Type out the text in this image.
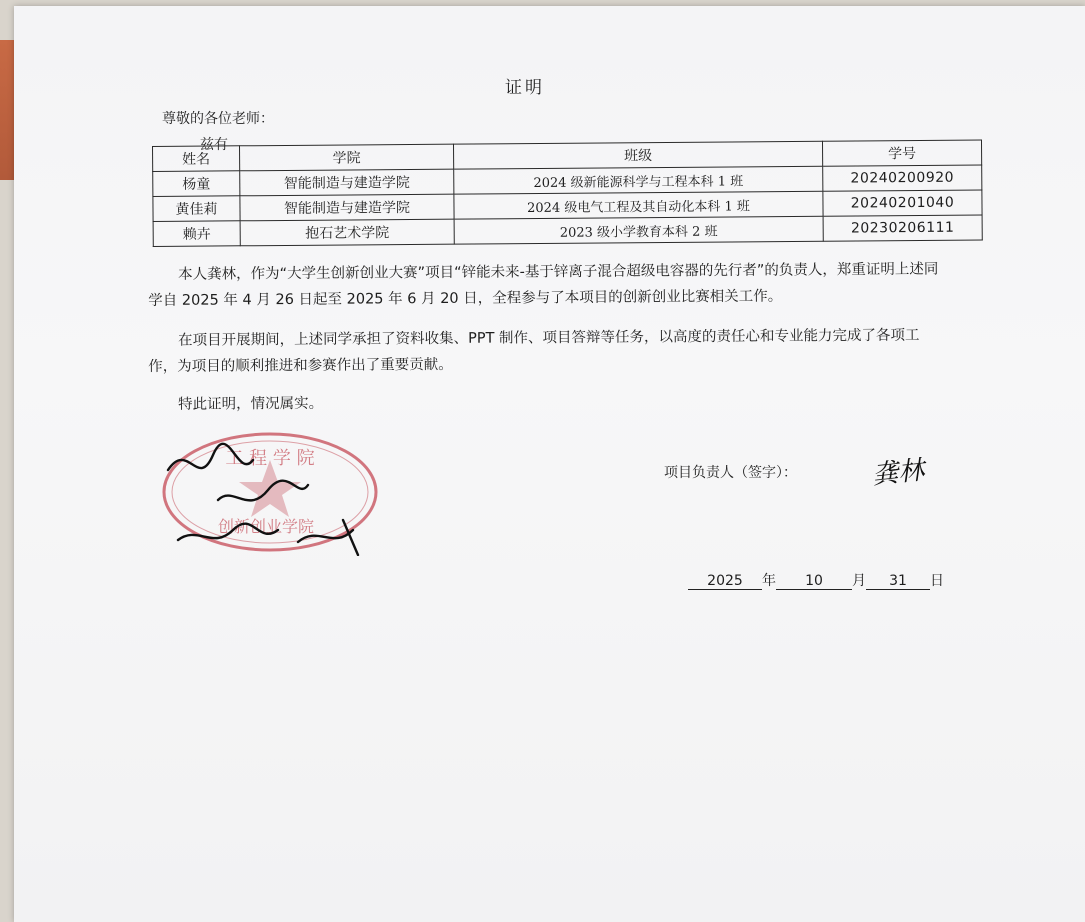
证明
尊敬的各位老师：
兹有
姓名	学院	班级	学号
杨童	智能制造与建造学院	2024 级新能源科学与工程本科 1 班	20240200920
黄佳莉	智能制造与建造学院	2024 级电气工程及其自动化本科 1 班	20240201040
赖卉	抱石艺术学院	2023 级小学教育本科 2 班	20230206111
本人龚林，作为“大学生创新创业大赛”项目“锌能未来-基于锌离子混合超级电容器的先行者”的负责人，郑重证明上述同学自 2025 年 4 月 26 日起至 2025 年 6 月 20 日，全程参与了本项目的创新创业比赛相关工作。
在项目开展期间，上述同学承担了资料收集、PPT 制作、项目答辩等任务，以高度的责任心和专业能力完成了各项工作，为项目的顺利推进和参赛作出了重要贡献。
特此证明，情况属实。
工 程 学 院
创新创业学院
项目负责人（签字）：	龚林
2025 年 10 月 31 日
